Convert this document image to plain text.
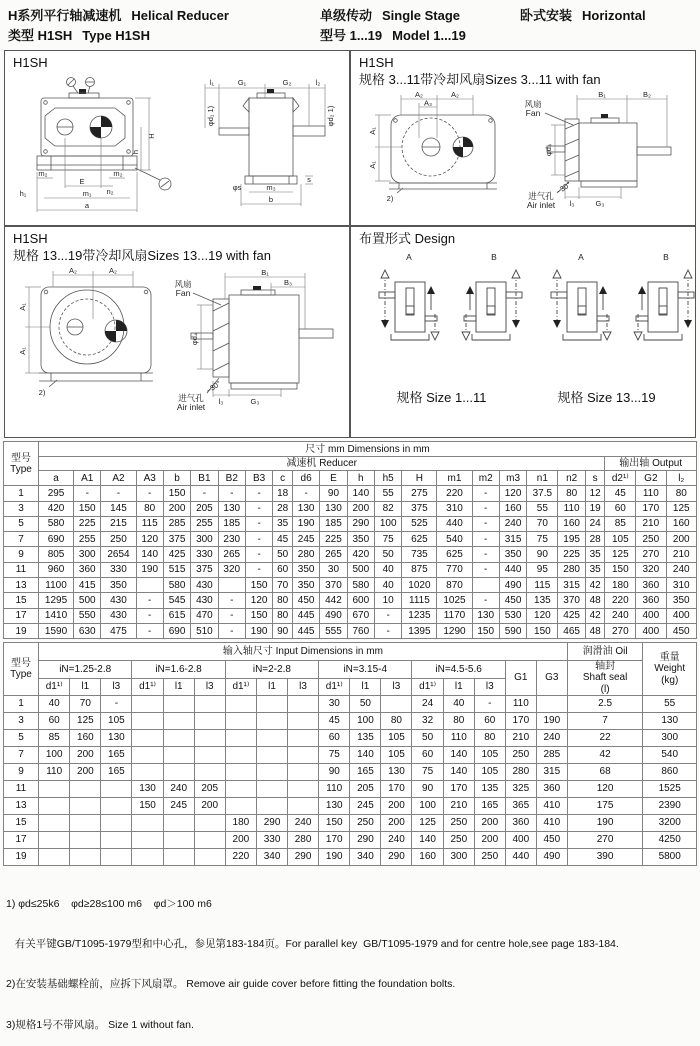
H系列平行轴减速机 Helical Reducer	单级传动 Single Stage	卧式安装 Horizontal
类型 H1SH Type H1SH	型号 1...19 Model 1...19
H1SH
H
h
m₂	m₂
E
n₂
m₁
a
h₁
l₁	G₁	G₂	l₂
φd₁ 1)	φd₂ 1)
φs	m₃
b
s
H1SH
规格 3...11带冷却风扇Sizes 3...11 with fan
A₂	A₂
A₃
A₁
A₁
2)
风扇
Fan
B₁	B₂
φd₄
~30°
进气孔
Air inlet l₃	G₃
H1SH
规格 13...19带冷却风扇Sizes 13...19 with fan
A₂	A₂
A₁
A₁
2)
风扇
Fan
B₁
B₃
φd₄
~30°
进气孔
Air inlet
l₃	G₃
布置形式 Design
A	B	A	B
规格 Size 1...11	规格 Size 13...19
型号
Type	尺寸 mm Dimensions in mm																						
	减速机 Reducer																				输出轴 Output		
	a	A1	A2	A3	b	B1	B2	B3	c	d6	E	h	h5	H	m1	m2	m3	n1	n2	s	d2¹⁾	G2	l₂
1	295	-	-	-	150	-	-	-	18	-	90	140	55	275	220	-	120	37.5	80	12	45	110	80
3	420	150	145	80	200	205	130	-	28	130	130	200	82	375	310	-	160	55	110	19	60	170	125
5	580	225	215	115	285	255	185	-	35	190	185	290	100	525	440	-	240	70	160	24	85	210	160
7	690	255	250	120	375	300	230	-	45	245	225	350	75	625	540	-	315	75	195	28	105	250	200
9	805	300	2654	140	425	330	265	-	50	280	265	420	50	735	625	-	350	90	225	35	125	270	210
11	960	360	330	190	515	375	320	-	60	350	30	500	40	875	770	-	440	95	280	35	150	320	240
13	1100	415	350		580	430		150	70	350	370	580	40	1020	870		490	115	315	42	180	360	310
15	1295	500	430	-	545	430	-	120	80	450	442	600	10	1115	1025	-	450	135	370	48	220	360	350
17	1410	550	430	-	615	470	-	150	80	445	490	670	-	1235	1170	130	530	120	425	42	240	400	400
19	1590	630	475	-	690	510	-	190	90	445	555	760	-	1395	1290	150	590	150	465	48	270	400	450
型号
Type
	输入轴尺寸 Input Dimensions in mm	润滑油 Oil	
重量
Weight
(kg)

	iN=1.25-2.8			iN=1.6-2.8			iN=2-2.8			iN=3.15-4			iN=4.5-5.6			G1	G3	轴封
Shaft seal
(l)	

	d1¹⁾	l1	l3	d1¹⁾	l1	l3	d1¹⁾	l1	l3	d1¹⁾	l1	l3	d1¹⁾	l1	l3				
1	40	70	-							30	50		24	40	-	110		2.5	55
3	60	125	105							45	100	80	32	80	60	170	190	7	130
5	85	160	130							60	135	105	50	110	80	210	240	22	300
7	100	200	165							75	140	105	60	140	105	250	285	42	540
9	110	200	165							90	165	130	75	140	105	280	315	68	860
11				130	240	205				110	205	170	90	170	135	325	360	120	1525
13				150	245	200				130	245	200	100	210	165	365	410	175	2390
15							180	290	240	150	250	200	125	250	200	360	410	190	3200
17							200	330	280	170	290	240	140	250	200	400	450	270	4250
19							220	340	290	190	340	290	160	300	250	440	490	390	5800

1) φd≤25k6    φd≥28≤100 m6    φd＞100 m6

有关平键GB/T1095-1979型和中心孔，参见第183-184页。For parallel key  GB/T1095-1979 and for centre hole,see page 183-184.

2)在安装基础螺栓前，应拆下风扇罩。 Remove air guide cover before fitting the foundation bolts.

3)规格1号不带风扇。 Size 1 without fan.
